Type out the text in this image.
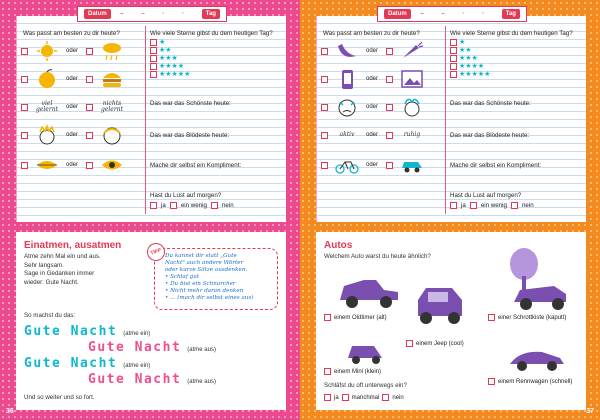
Datum	– – · ·	Tag
Was passt am besten zu dir heute?	Wie viele Sterne gibst du dem heutigen Tag?
oder
oder
viel gelernt	oder	nichts gelernt
oder
oder
★
★★
★★★
★★★★
★★★★★
Das war das Schönste heute:
Das war das Blödeste heute:
Mache dir selbst ein Kompliment:
Hast du Lust auf morgen?
ja ein wenig nein
Einatmen, ausatmen

Atme zehn Mal ein und aus.

Sehr langsam.

Sage in Gedanken immer

wieder: Gute Nacht.

TIPP Du kannst dir statt „Gute

Nacht" auch andere Wörter

oder kurze Sätze ausdenken.

• Schlaf gut

• Du bist ein Schnarcher

• Nicht mehr daran denken

• ... (mach dir selbst eines aus)

So machst du das:

Gute Nacht (atme ein)
Gute Nacht (atme aus)
Gute Nacht (atme ein)
Gute Nacht (atme aus)

Und so weiter und so fort.

36
Datum	– – · ·	Tag
Was passt am besten zu dir heute?	Wie viele Sterne gibst du dem heutigen Tag?
oder
oder
oder
aktiv	oder	ruhig
oder
★
★★
★★★
★★★★
★★★★★
Das war das Schönste heute:
Das war das Blödeste heute:
Mache dir selbst ein Kompliment:
Hast du Lust auf morgen?
ja ein wenig nein
Autos

Welchem Auto warst du heute ähnlich?

einem Oldtimer (alt)	einer Schrottkiste (kaputt)
einem Jeep (cool)
einem Mini (klein)
einem Rennwagen (schnell)

Schläfst du oft unterwegs ein?

ja manchmal nein
37
